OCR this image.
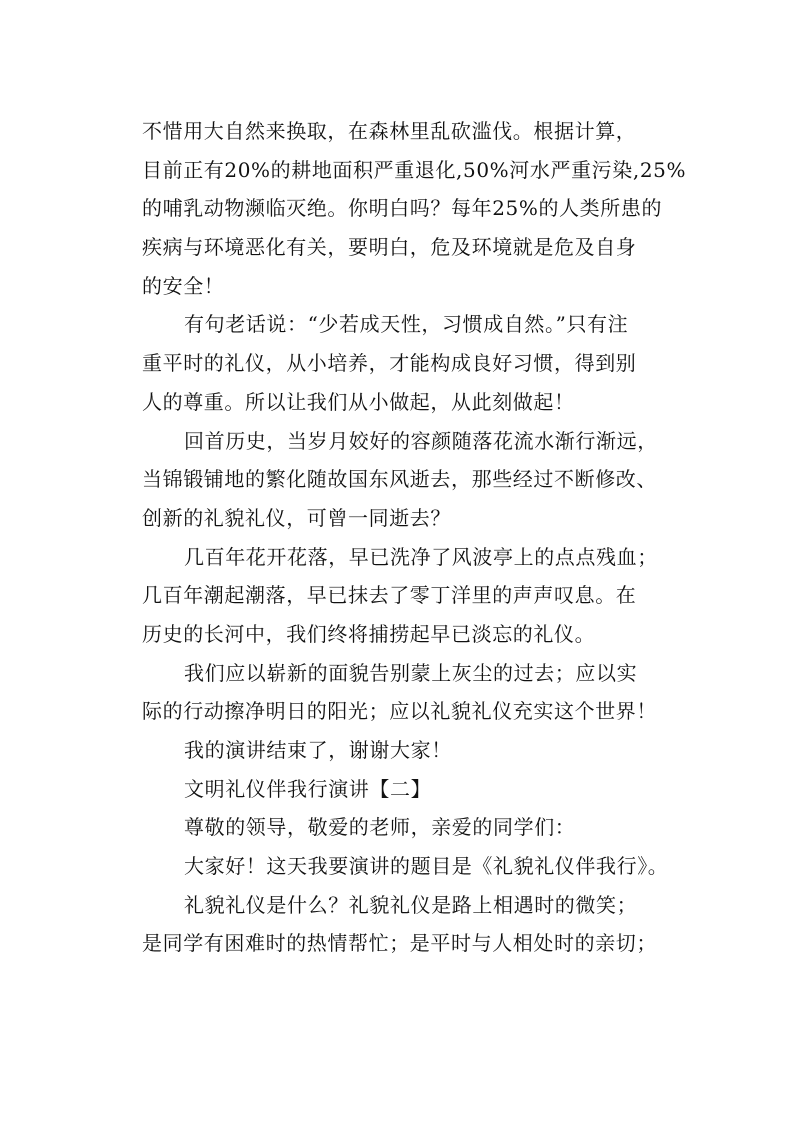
不惜用大自然来换取，在森林里乱砍滥伐。根据计算，
目前正有20%的耕地面积严重退化,50%河水严重污染,25%
的哺乳动物濒临灭绝。你明白吗？每年25%的人类所患的
疾病与环境恶化有关，要明白，危及环境就是危及自身
的安全！
有句老话说：“少若成天性，习惯成自然。”只有注
重平时的礼仪，从小培养，才能构成良好习惯，得到别
人的尊重。所以让我们从小做起，从此刻做起！
回首历史，当岁月姣好的容颜随落花流水渐行渐远，
当锦锻铺地的繁化随故国东风逝去，那些经过不断修改、
创新的礼貌礼仪，可曾一同逝去？
几百年花开花落，早已洗净了风波亭上的点点残血；
几百年潮起潮落，早已抹去了零丁洋里的声声叹息。在
历史的长河中，我们终将捕捞起早已淡忘的礼仪。
我们应以崭新的面貌告别蒙上灰尘的过去；应以实
际的行动擦净明日的阳光；应以礼貌礼仪充实这个世界！
我的演讲结束了，谢谢大家！
文明礼仪伴我行演讲【二】
尊敬的领导，敬爱的老师，亲爱的同学们：
大家好！这天我要演讲的题目是《礼貌礼仪伴我行》。
礼貌礼仪是什么？礼貌礼仪是路上相遇时的微笑；
是同学有困难时的热情帮忙；是平时与人相处时的亲切；
